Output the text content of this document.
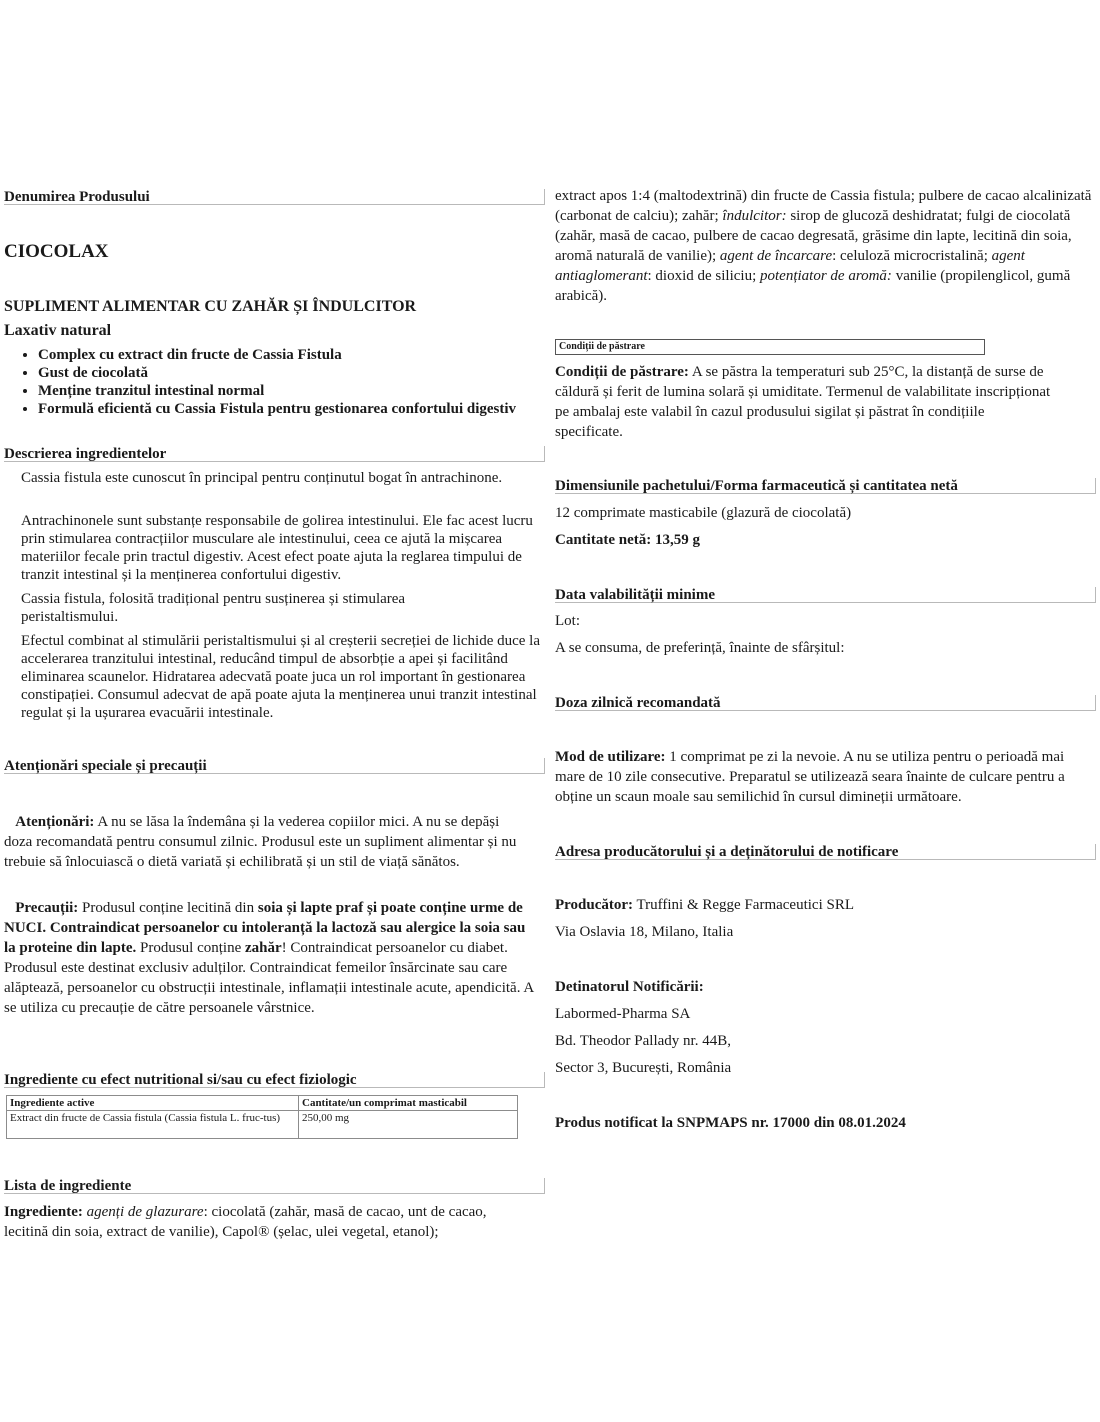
Denumirea Produsului
CIOCOLAX
SUPLIMENT ALIMENTAR CU ZAHĂR ȘI ÎNDULCITOR
Laxativ natural
• Complex cu extract din fructe de Cassia Fistula
• Gust de ciocolată
• Menține tranzitul intestinal normal
• Formulă eficientă cu Cassia Fistula pentru gestionarea confortului digestiv
Descrierea ingredientelor
Cassia fistula este cunoscut în principal pentru conținutul bogat în antrachinone.
Antrachinonele sunt substanțe responsabile de golirea intestinului. Ele fac acest lucru prin stimularea contracțiilor musculare ale intestinului, ceea ce ajută la mișcarea materiilor fecale prin tractul digestiv. Acest efect poate ajuta la reglarea timpului de tranzit intestinal și la menținerea confortului digestiv.
Cassia fistula, folosită tradițional pentru susținerea și stimularea peristaltismului.
Efectul combinat al stimulării peristaltismului și al creșterii secreției de lichide duce la accelerarea tranzitului intestinal, reducând timpul de absorbție a apei și facilitând eliminarea scaunelor. Hidratarea adecvată poate juca un rol important în gestionarea constipației. Consumul adecvat de apă poate ajuta la menținerea unui tranzit intestinal regulat și la ușurarea evacuării intestinale.
Atenționări speciale și precauții
Atenționări: A nu se lăsa la îndemâna și la vederea copiilor mici. A nu se depăși doza recomandată pentru consumul zilnic. Produsul este un supliment alimentar și nu trebuie să înlocuiască o dietă variată și echilibrată și un stil de viață sănătos.
Precauții: Produsul conține lecitină din soia și lapte praf și poate conține urme de NUCI. Contraindicat persoanelor cu intoleranță la lactoză sau alergice la soia sau la proteine din lapte. Produsul conține zahăr! Contraindicat persoanelor cu diabet. Produsul este destinat exclusiv adulților. Contraindicat femeilor însărcinate sau care alăptează, persoanelor cu obstrucții intestinale, inflamații intestinale acute, apendicită. A se utiliza cu precauție de către persoanele vârstnice.
Ingrediente cu efect nutritional si/sau cu efect fiziologic
Ingrediente active	Cantitate/un comprimat masticabil
Extract din fructe de Cassia fistula (Cassia fistula L. fruc-tus)	250,00 mg
Lista de ingrediente
Ingrediente: agenți de glazurare: ciocolată (zahăr, masă de cacao, unt de cacao, lecitină din soia, extract de vanilie), Capol® (șelac, ulei vegetal, etanol);
extract apos 1:4 (maltodextrină) din fructe de Cassia fistula; pulbere de cacao alcalinizată (carbonat de calciu); zahăr; îndulcitor: sirop de glucoză deshidratat; fulgi de ciocolată (zahăr, masă de cacao, pulbere de cacao degresată, grăsime din lapte, lecitină din soia, aromă naturală de vanilie); agent de încarcare: celuloză microcristalină; agent antiaglomerant: dioxid de siliciu; potențiator de aromă: vanilie (propilenglicol, gumă arabică).
Condiții de păstrare
Condiții de păstrare: A se păstra la temperaturi sub 25°C, la distanță de surse de căldură și ferit de lumina solară și umiditate. Termenul de valabilitate inscripționat pe ambalaj este valabil în cazul produsului sigilat și păstrat în condițiile specificate.
Dimensiunile pachetului/Forma farmaceutică și cantitatea netă
12 comprimate masticabile (glazură de ciocolată)
Cantitate netă: 13,59 g
Data valabilității minime
Lot:
A se consuma, de preferință, înainte de sfârșitul:
Doza zilnică recomandată
Mod de utilizare: 1 comprimat pe zi la nevoie. A nu se utiliza pentru o perioadă mai mare de 10 zile consecutive. Preparatul se utilizează seara înainte de culcare pentru a obține un scaun moale sau semilichid în cursul dimineții următoare.
Adresa producătorului și a deținătorului de notificare
Producător: Truffini & Regge Farmaceutici SRL
Via Oslavia 18, Milano, Italia
Detinatorul Notificării:
Labormed-Pharma SA
Bd. Theodor Pallady nr. 44B,
Sector 3, București, România
Produs notificat la SNPMAPS nr. 17000 din 08.01.2024
